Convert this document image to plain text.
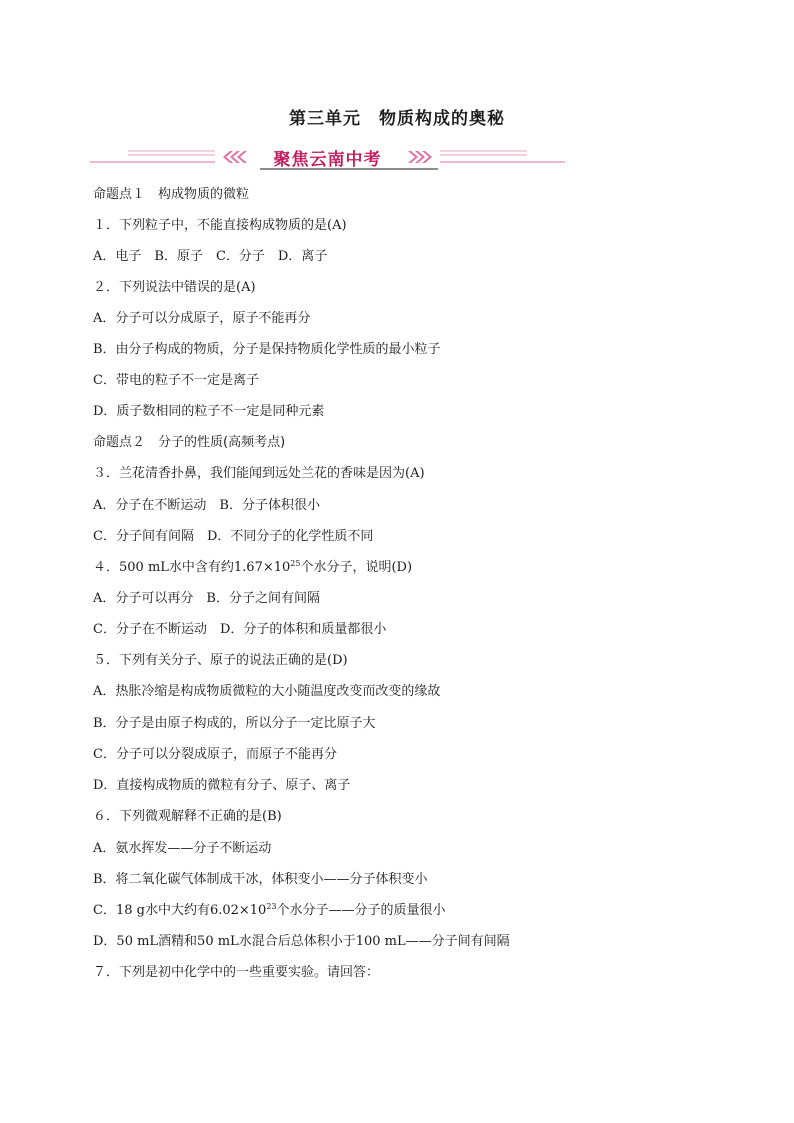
第三单元　物质构成的奥秘
聚焦云南中考
命题点１　构成物质的微粒
１．下列粒子中，不能直接构成物质的是(A)
A．电子　B．原子　C．分子　D．离子
２．下列说法中错误的是(A)
A．分子可以分成原子，原子不能再分
B．由分子构成的物质，分子是保持物质化学性质的最小粒子
C．带电的粒子不一定是离子
D．质子数相同的粒子不一定是同种元素
命题点２　分子的性质(高频考点)
３．兰花清香扑鼻，我们能闻到远处兰花的香味是因为(A)
A．分子在不断运动　B．分子体积很小
C．分子间有间隔　D．不同分子的化学性质不同
４．500 mL水中含有约$1.67\times 10^{25}$个水分子，说明(D)
A．分子可以再分　B．分子之间有间隔
C．分子在不断运动　D．分子的体积和质量都很小
５．下列有关分子、原子的说法正确的是(D)
A．热胀冷缩是构成物质微粒的大小随温度改变而改变的缘故
B．分子是由原子构成的，所以分子一定比原子大
C．分子可以分裂成原子，而原子不能再分
D．直接构成物质的微粒有分子、原子、离子
６．下列微观解释不正确的是(B)
A．氨水挥发——分子不断运动
B．将二氧化碳气体制成干冰，体积变小——分子体积变小
C．18 g水中大约有$6.02\times 10^{23}$个水分子——分子的质量很小
D．50 mL酒精和50 mL水混合后总体积小于100 mL——分子间有间隔
７．下列是初中化学中的一些重要实验。请回答：
